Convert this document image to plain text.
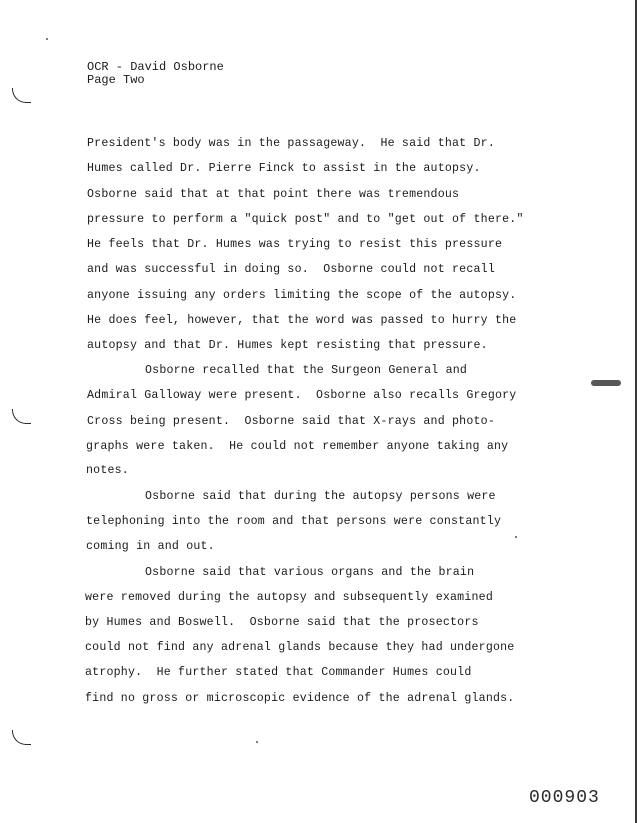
OCR - David Osborne
Page Two
President's body was in the passageway.  He said that Dr.
Humes called Dr. Pierre Finck to assist in the autopsy.
Osborne said that at that point there was tremendous
pressure to perform a "quick post" and to "get out of there."
He feels that Dr. Humes was trying to resist this pressure
and was successful in doing so.  Osborne could not recall
anyone issuing any orders limiting the scope of the autopsy.
He does feel, however, that the word was passed to hurry the
autopsy and that Dr. Humes kept resisting that pressure.
Osborne recalled that the Surgeon General and
Admiral Galloway were present.  Osborne also recalls Gregory
Cross being present.  Osborne said that X-rays and photo-
graphs were taken.  He could not remember anyone taking any
notes.
Osborne said that during the autopsy persons were
telephoning into the room and that persons were constantly
coming in and out.
Osborne said that various organs and the brain
were removed during the autopsy and subsequently examined
by Humes and Boswell.  Osborne said that the prosectors
could not find any adrenal glands because they had undergone
atrophy.  He further stated that Commander Humes could
find no gross or microscopic evidence of the adrenal glands.
000903
